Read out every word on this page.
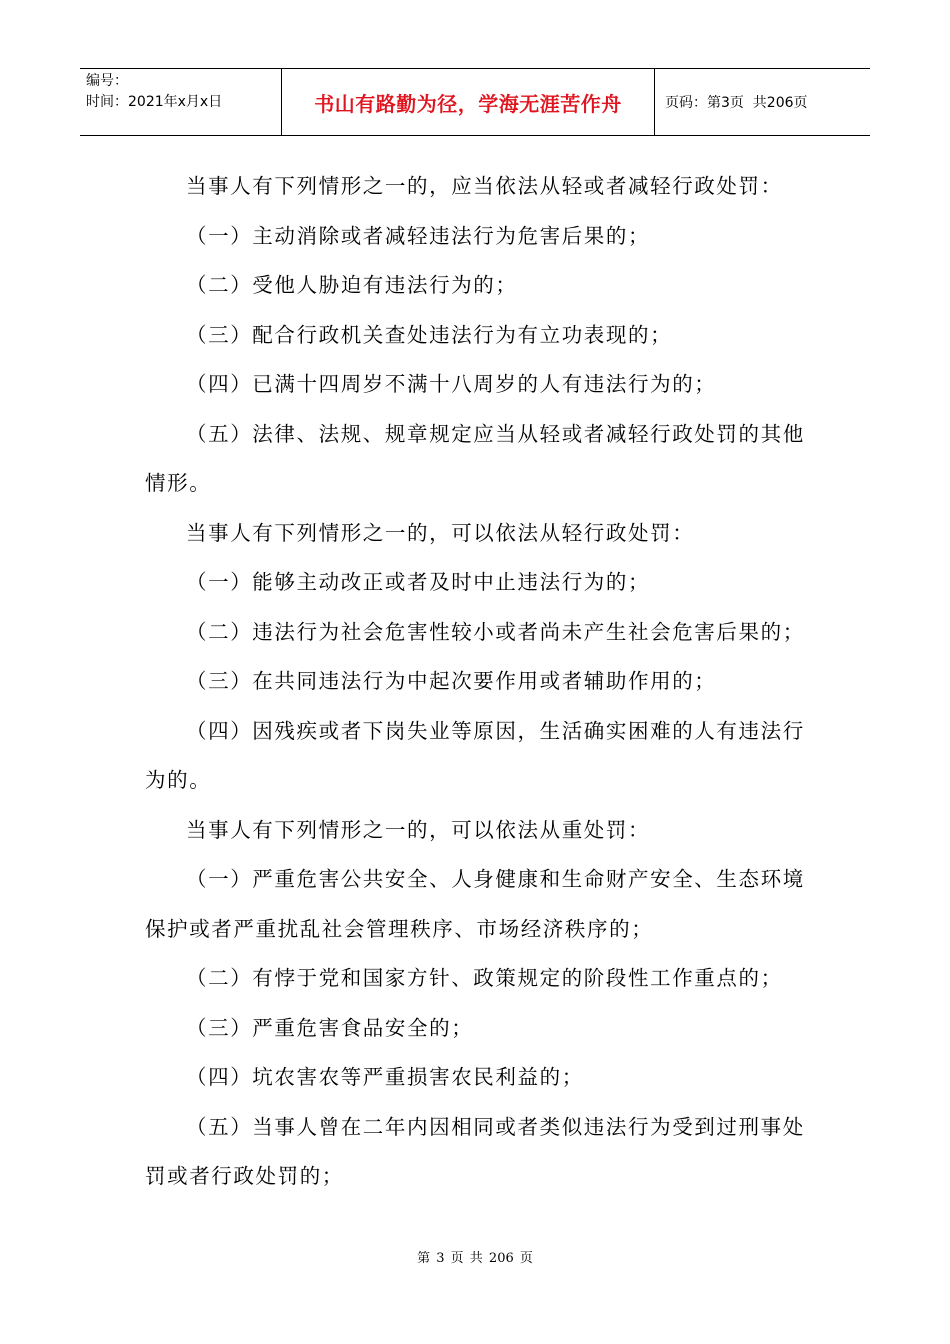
编号：
时间：2021年x月x日	书山有路勤为径，学海无涯苦作舟	页码：第3页  共206页

当事人有下列情形之一的，应当依法从轻或者减轻行政处罚：

（一）主动消除或者减轻违法行为危害后果的；

（二）受他人胁迫有违法行为的；

（三）配合行政机关查处违法行为有立功表现的；

（四）已满十四周岁不满十八周岁的人有违法行为的；

（五）法律、法规、规章规定应当从轻或者减轻行政处罚的其他情形。

当事人有下列情形之一的，可以依法从轻行政处罚：

（一）能够主动改正或者及时中止违法行为的；

（二）违法行为社会危害性较小或者尚未产生社会危害后果的；

（三）在共同违法行为中起次要作用或者辅助作用的；

（四）因残疾或者下岗失业等原因，生活确实困难的人有违法行为的。

当事人有下列情形之一的，可以依法从重处罚：

（一）严重危害公共安全、人身健康和生命财产安全、生态环境保护或者严重扰乱社会管理秩序、市场经济秩序的；

（二）有悖于党和国家方针、政策规定的阶段性工作重点的；

（三）严重危害食品安全的；

（四）坑农害农等严重损害农民利益的；

（五）当事人曾在二年内因相同或者类似违法行为受到过刑事处罚或者行政处罚的；

第 3 页 共 206 页
